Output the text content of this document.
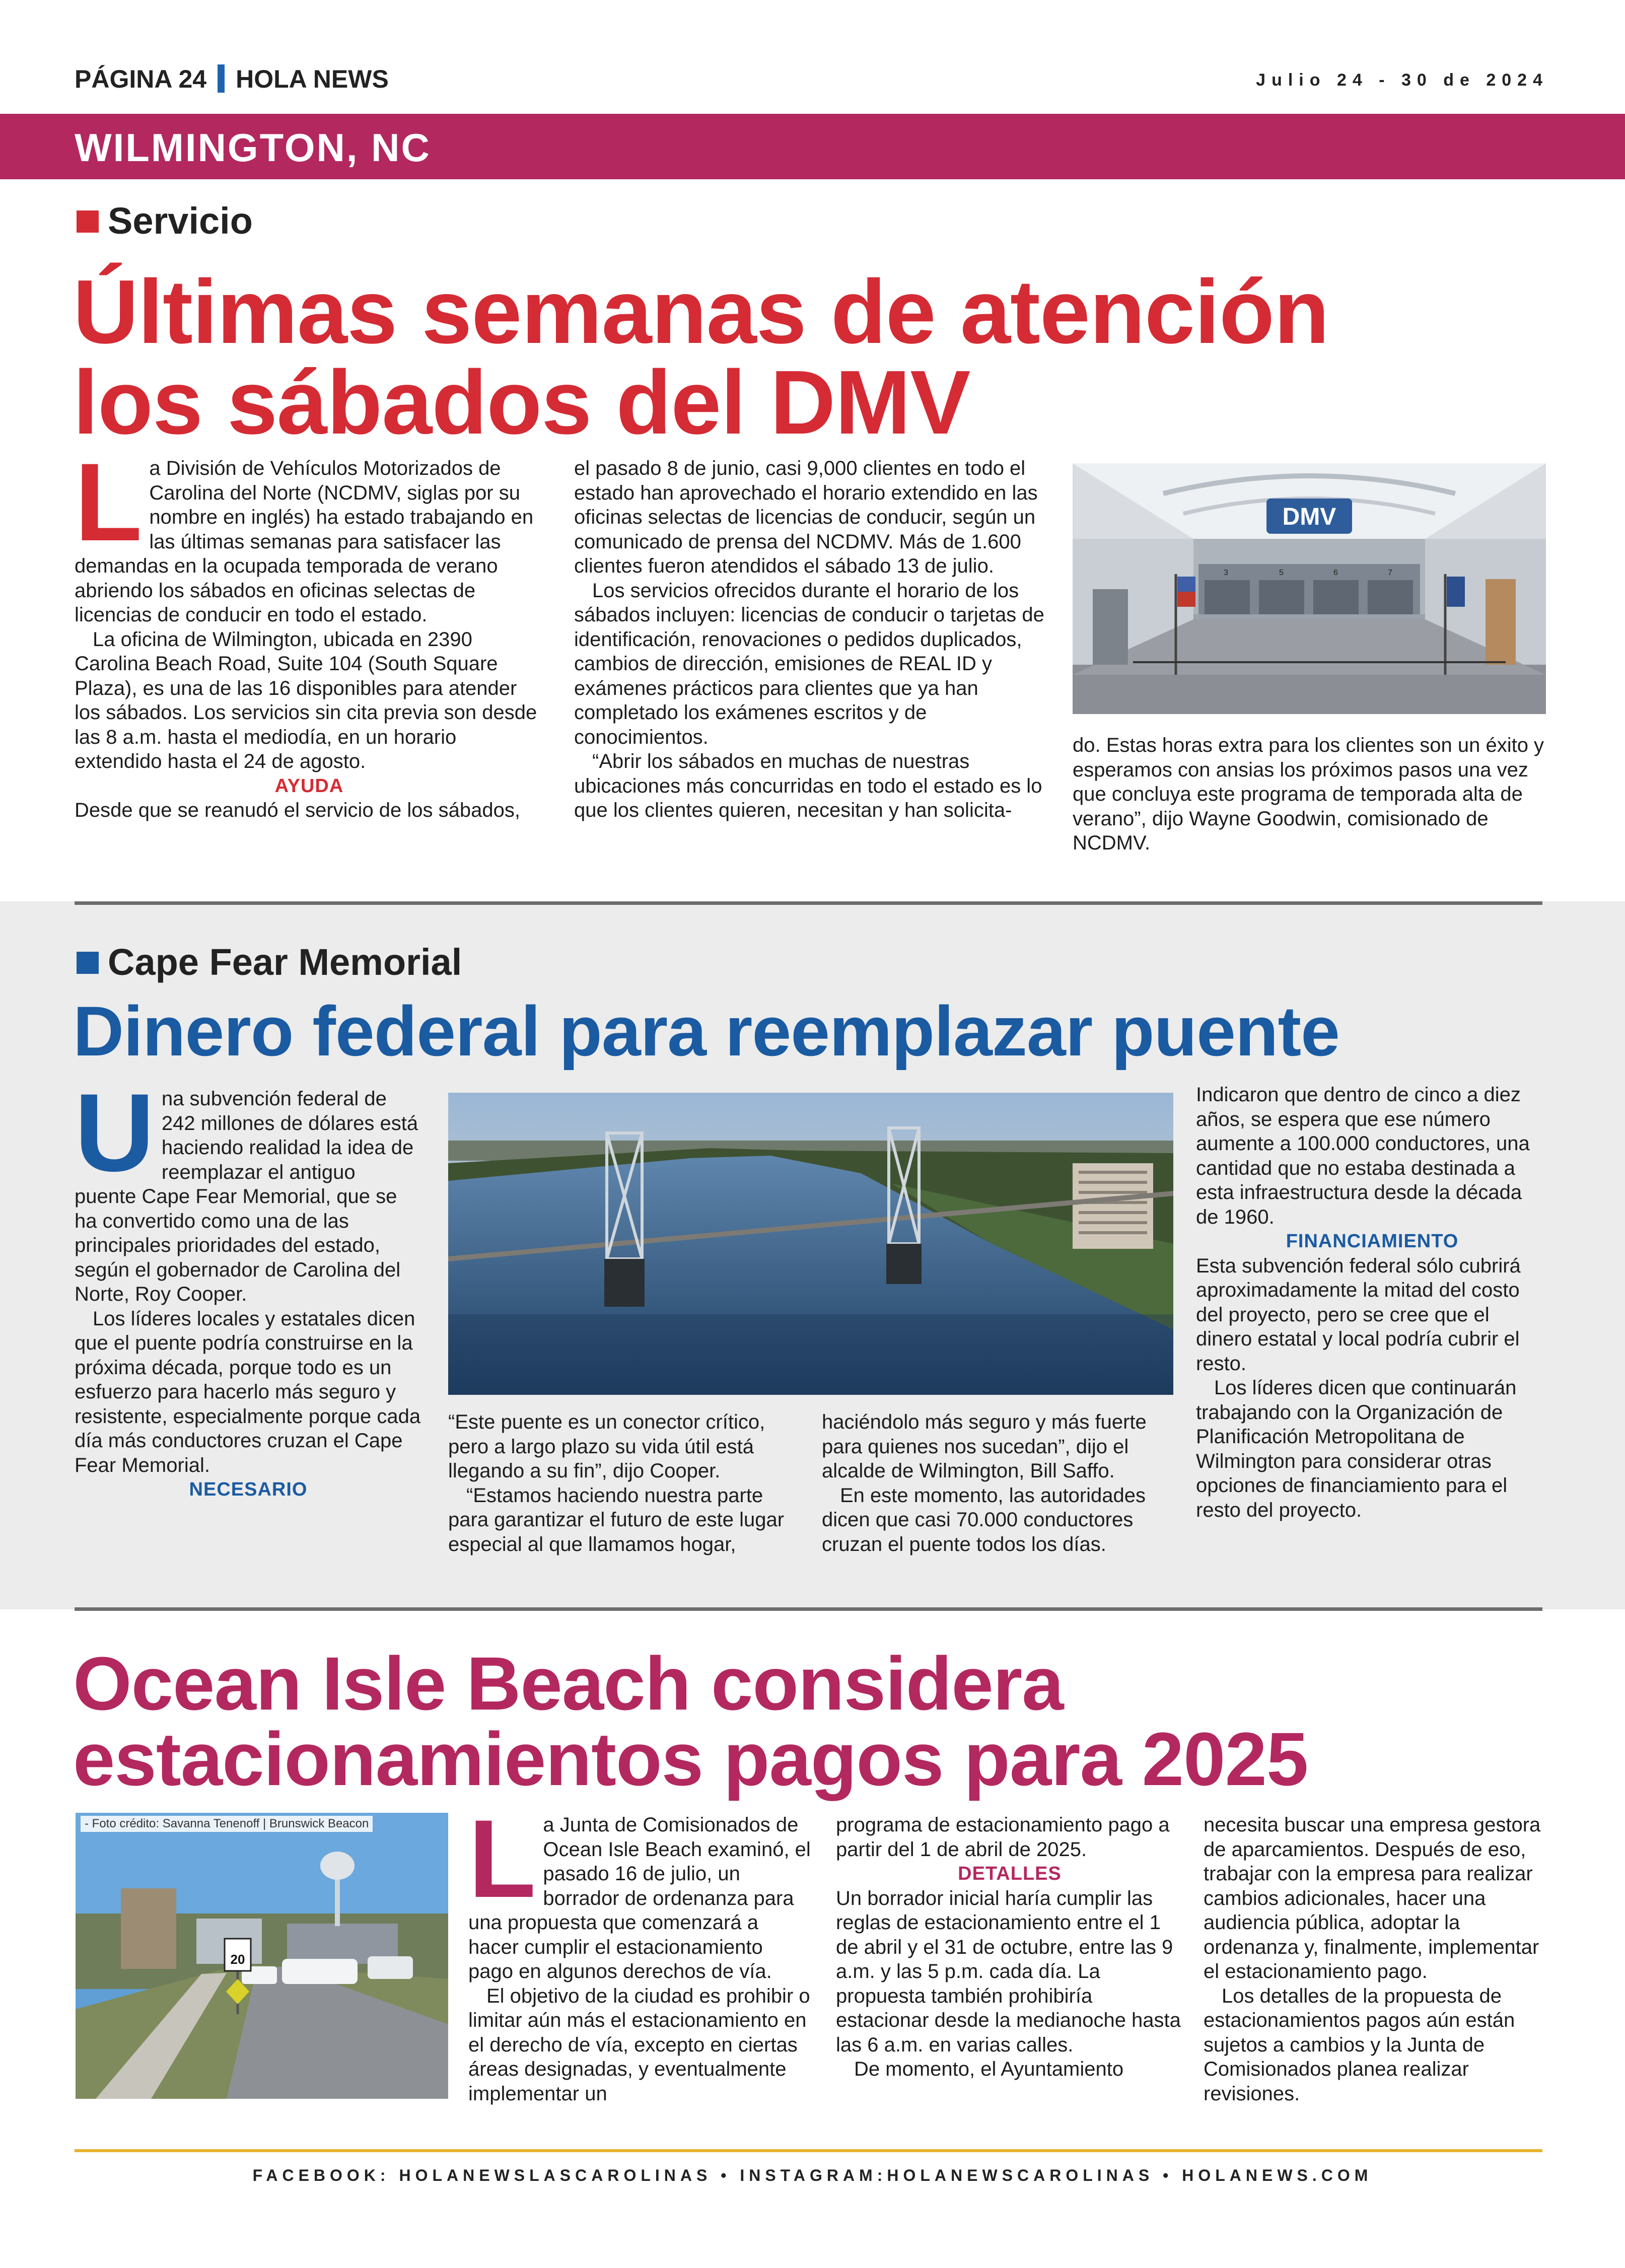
PÁGINA 24 HOLA NEWS	Julio 24 - 30 de 2024
WILMINGTON, NC
Servicio
Últimas semanas de atención
los sábados del DMV
L a División de Vehículos Motorizados de Carolina del Norte (NCDMV, siglas por su nombre en inglés) ha estado trabajando en las últimas semanas para satisfacer las demandas en la ocupada temporada de verano abriendo los sábados en oficinas selectas de licencias de conducir en todo el estado.

La oficina de Wilmington, ubicada en 2390 Carolina Beach Road, Suite 104 (South Square Plaza), es una de las 16 disponibles para atender los sábados. Los servicios sin cita previa son desde las 8 a.m. hasta el mediodía, en un horario extendido hasta el 24 de agosto.

AYUDA

Desde que se reanudó el servicio de los sábados,

el pasado 8 de junio, casi 9,000 clientes en todo el estado han aprovechado el horario extendido en las oficinas selectas de licencias de conducir, según un comunicado de prensa del NCDMV. Más de 1.600 clientes fueron atendidos el sábado 13 de julio.

Los servicios ofrecidos durante el horario de los sábados incluyen: licencias de conducir o tarjetas de identificación, renovaciones o pedidos duplicados, cambios de dirección, emisiones de REAL ID y exámenes prácticos para clientes que ya han completado los exámenes escritos y de conocimientos.

“Abrir los sábados en muchas de nuestras ubicaciones más concurridas en todo el estado es lo que los clientes quieren, necesitan y han solicita-

DMV
3	5	6	7

do. Estas horas extra para los clientes son un éxito y esperamos con ansias los próximos pasos una vez que concluya este programa de temporada alta de verano”, dijo Wayne Goodwin, comisionado de NCDMV.

Cape Fear Memorial
Dinero federal para reemplazar puente
U na subvención federal de 242 millones de dólares está haciendo realidad la idea de reemplazar el antiguo puente Cape Fear Memorial, que se ha convertido como una de las principales prioridades del estado, según el gobernador de Carolina del Norte, Roy Cooper.

Los líderes locales y estatales dicen que el puente podría construirse en la próxima década, porque todo es un esfuerzo para hacerlo más seguro y resistente, especialmente porque cada día más conductores cruzan el Cape Fear Memorial.

NECESARIO

“Este puente es un conector crítico, pero a largo plazo su vida útil está llegando a su fin”, dijo Cooper.

“Estamos haciendo nuestra parte para garantizar el futuro de este lugar especial al que llamamos hogar,

haciéndolo más seguro y más fuerte para quienes nos sucedan”, dijo el alcalde de Wilmington, Bill Saffo.

En este momento, las autoridades dicen que casi 70.000 conductores cruzan el puente todos los días.

Indicaron que dentro de cinco a diez años, se espera que ese número aumente a 100.000 conductores, una cantidad que no estaba destinada a esta infraestructura desde la década de 1960.

FINANCIAMIENTO

Esta subvención federal sólo cubrirá aproximadamente la mitad del costo del proyecto, pero se cree que el dinero estatal y local podría cubrir el resto.

Los líderes dicen que continuarán trabajando con la Organización de Planificación Metropolitana de Wilmington para considerar otras opciones de financiamiento para el resto del proyecto.

Ocean Isle Beach considera
estacionamientos pagos para 2025
20
- Foto crédito: Savanna Tenenoff | Brunswick Beacon L a Junta de Comisionados de Ocean Isle Beach examinó, el pasado 16 de julio, un borrador de ordenanza para una propuesta que comenzará a hacer cumplir el estacionamiento pago en algunos derechos de vía.

El objetivo de la ciudad es prohibir o limitar aún más el estacionamiento en el derecho de vía, excepto en ciertas áreas designadas, y eventualmente implementar un

programa de estacionamiento pago a partir del 1 de abril de 2025.

DETALLES

Un borrador inicial haría cumplir las reglas de estacionamiento entre el 1 de abril y el 31 de octubre, entre las 9 a.m. y las 5 p.m. cada día. La propuesta también prohibiría estacionar desde la medianoche hasta las 6 a.m. en varias calles.

De momento, el Ayuntamiento

necesita buscar una empresa gestora de aparcamientos. Después de eso, trabajar con la empresa para realizar cambios adicionales, hacer una audiencia pública, adoptar la ordenanza y, finalmente, implementar el estacionamiento pago.

Los detalles de la propuesta de estacionamientos pagos aún están sujetos a cambios y la Junta de Comisionados planea realizar revisiones.

FACEBOOK: HOLANEWSLASCAROLINAS • INSTAGRAM:HOLANEWSCAROLINAS • HOLANEWS.COM
